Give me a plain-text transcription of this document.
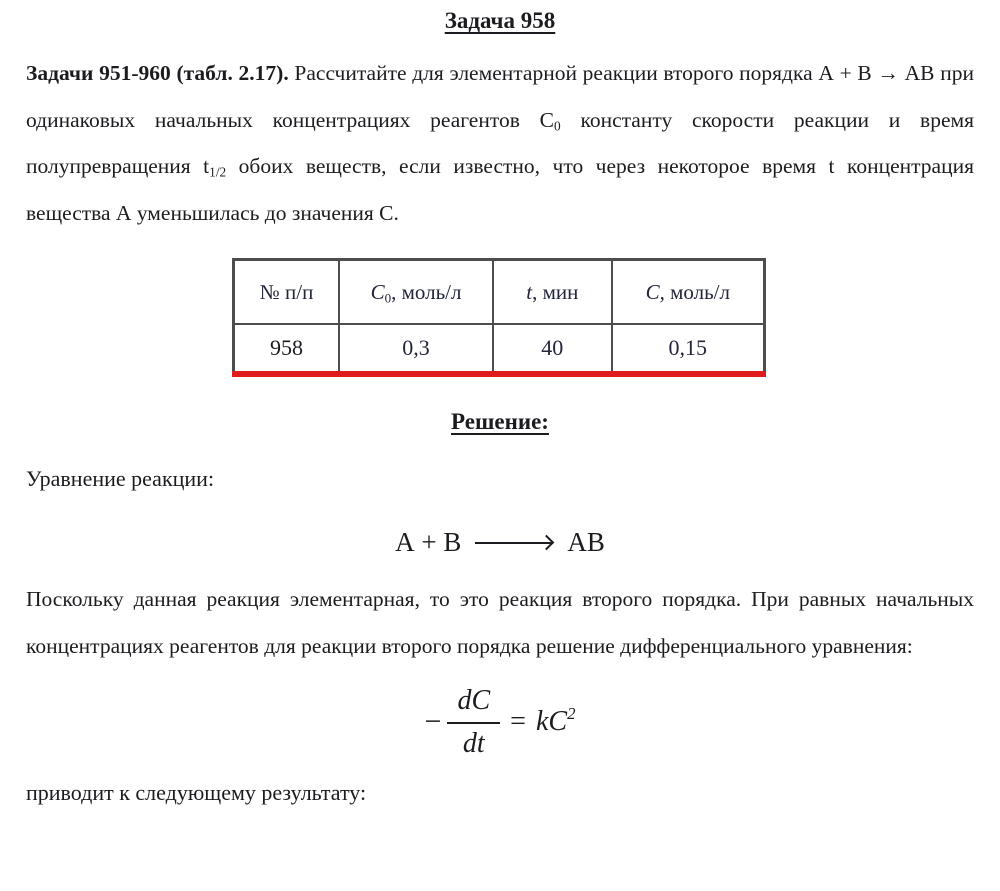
Задача 958

Задачи 951-960 (табл. 2.17). Рассчитайте для элементарной реакции второго порядка А + В → АВ при одинаковых начальных концентрациях реагентов $С_0$ константу скорости реакции и время полупревращения $t_{1/2}$ обоих веществ, если известно, что через некоторое время t концентрация вещества А уменьшилась до значения С.

№ п/п	$C_0$, моль/л	t, мин	C, моль/л
958	0,3	40	0,15
Решение:

Уравнение реакции:

А + В	АВ

Поскольку данная реакция элементарная, то это реакция второго порядка. При равных начальных концентрациях реагентов для реакции второго порядка решение дифференциального уравнения:

− $\frac{dC}{dt} = kC^2$

приводит к следующему результату:
